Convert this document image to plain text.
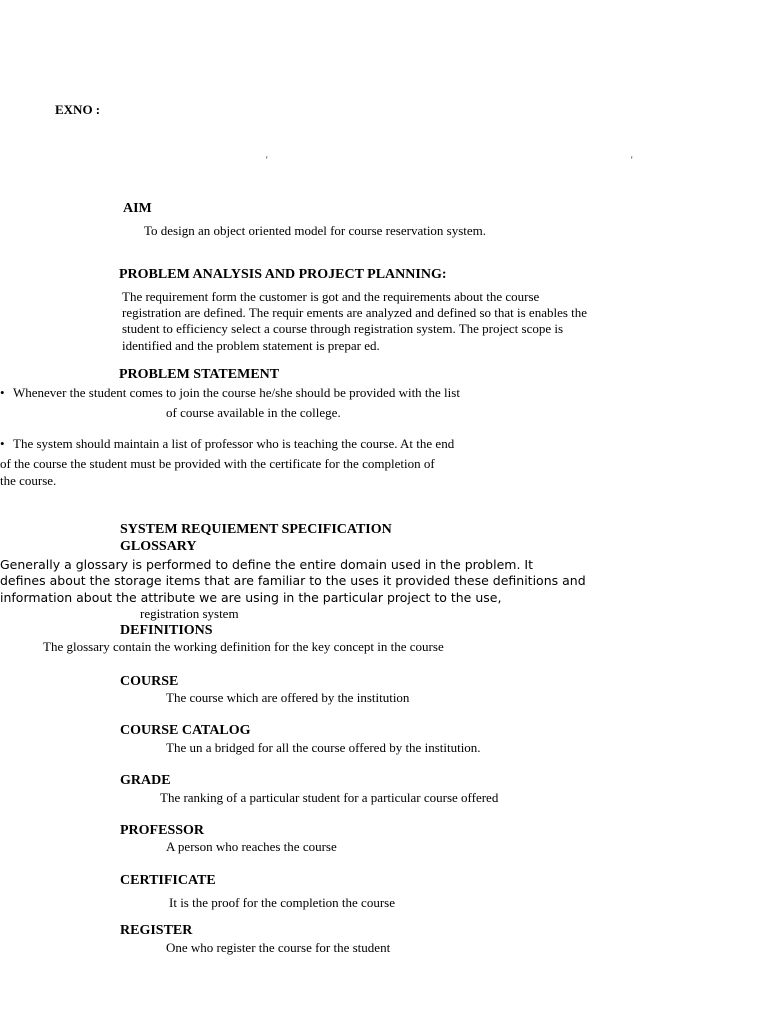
EXNO :
'	'
AIM
To design an object oriented model for course reservation system.
PROBLEM ANALYSIS AND PROJECT PLANNING:
The requirement form the customer is got and the requirements about the course
registration are defined. The requir ements are analyzed and defined so that is enables the
student to efficiency select a course through registration system. The project scope is
identified and the problem statement is prepar ed.
PROBLEM STATEMENT
• Whenever the student comes to join the course he/she should be provided with the list
of course available in the college.
• The system should maintain a list of professor who is teaching the course. At the end
of the course the student must be provided with the certificate for the completion of
the course.
SYSTEM REQUIEMENT SPECIFICATION
GLOSSARY
Generally a glossary is performed to define the entire domain used in the problem. It
defines about the storage items that are familiar to the uses it provided these definitions and
information about the attribute we are using in the particular project to the use,
registration system
DEFINITIONS
The glossary contain the working definition for the key concept in the course
COURSE
The course which are offered by the institution
COURSE CATALOG
The un a bridged for all the course offered by the institution.
GRADE
The ranking of a particular student for a particular course offered
PROFESSOR
A person who reaches the course
CERTIFICATE
It is the proof for the completion the course
REGISTER
One who register the course for the student
